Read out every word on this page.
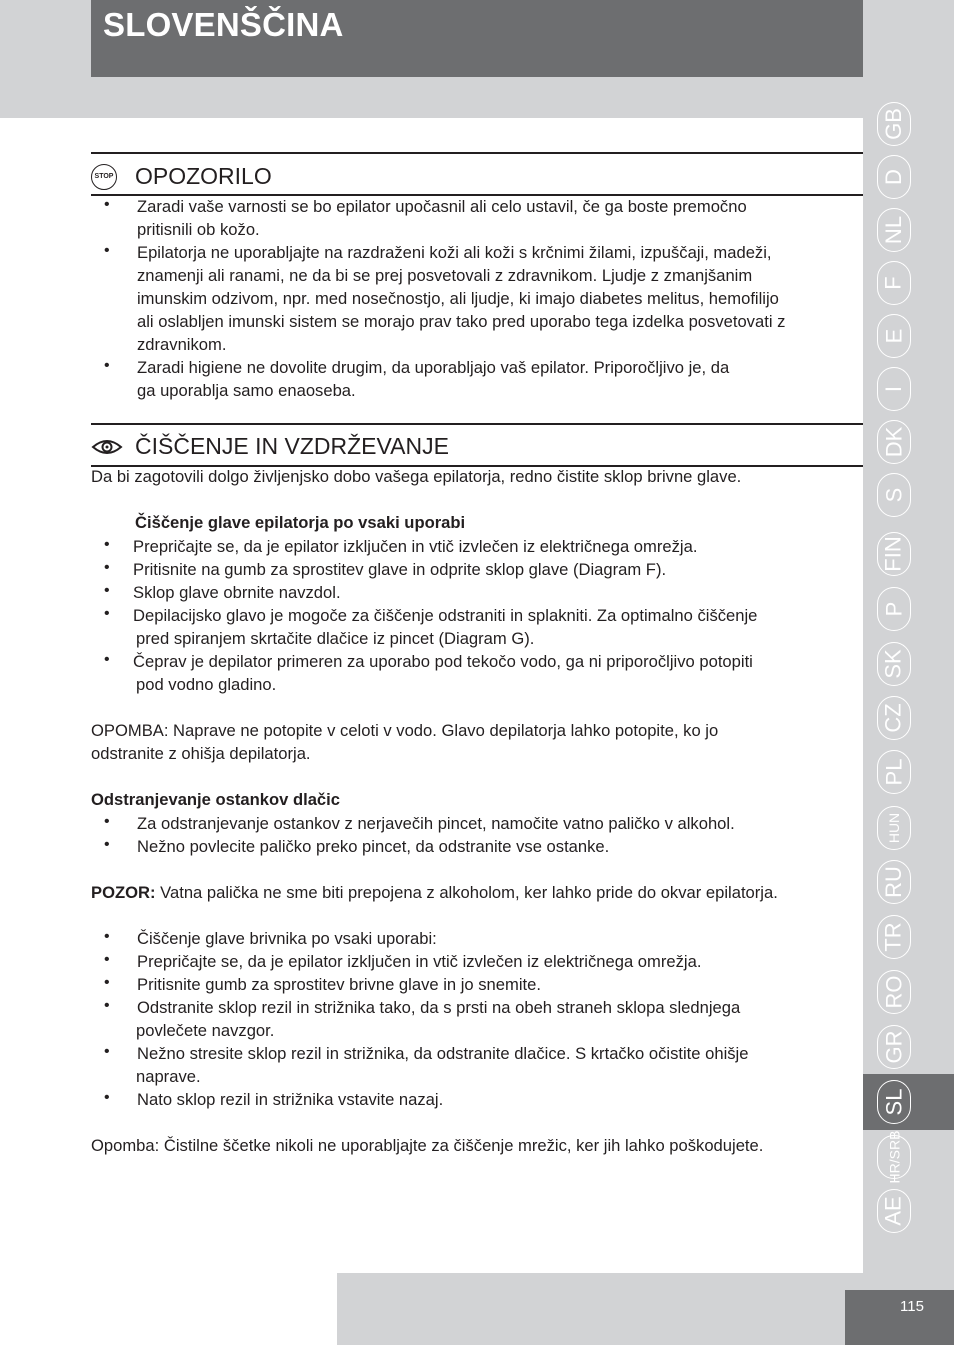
SLOVENŠČINA
115
GB
D
NL
F
E
I
DK
S
FIN
P
SK
CZ
PL
HUN
RU
TR
RO
GR
SL
HR/SRB
AE
STOP OPOZORILO
• Zaradi vaše varnosti se bo epilator upočasnil ali celo ustavil, če ga boste premočno
pritisnili ob kožo.
• Epilatorja ne uporabljajte na razdraženi koži ali koži s krčnimi žilami, izpuščaji, madeži,
znamenji ali ranami, ne da bi se prej posvetovali z zdravnikom. Ljudje z zmanjšanim
imunskim odzivom, npr. med nosečnostjo, ali ljudje, ki imajo diabetes melitus, hemofilijo
ali oslabljen imunski sistem se morajo prav tako pred uporabo tega izdelka posvetovati z
zdravnikom.
• Zaradi higiene ne dovolite drugim, da uporabljajo vaš epilator. Priporočljivo je, da
ga uporablja samo enaoseba.
ČIŠČENJE IN VZDRŽEVANJE
Da bi zagotovili dolgo življenjsko dobo vašega epilatorja, redno čistite sklop brivne glave.
Čiščenje glave epilatorja po vsaki uporabi
• Prepričajte se, da je epilator izključen in vtič izvlečen iz električnega omrežja.
• Pritisnite na gumb za sprostitev glave in odprite sklop glave (Diagram F).
• Sklop glave obrnite navzdol.
• Depilacijsko glavo je mogoče za čiščenje odstraniti in splakniti. Za optimalno čiščenje
pred spiranjem skrtačite dlačice iz pincet (Diagram G).
• Čeprav je depilator primeren za uporabo pod tekočo vodo, ga ni priporočljivo potopiti
pod vodno gladino.
OPOMBA: Naprave ne potopite v celoti v vodo. Glavo depilatorja lahko potopite, ko jo
odstranite z ohišja depilatorja.
Odstranjevanje ostankov dlačic
• Za odstranjevanje ostankov z nerjavečih pincet, namočite vatno paličko v alkohol.
• Nežno povlecite paličko preko pincet, da odstranite vse ostanke.
POZOR: Vatna palička ne sme biti prepojena z alkoholom, ker lahko pride do okvar epilatorja.
• Čiščenje glave brivnika po vsaki uporabi:
• Prepričajte se, da je epilator izključen in vtič izvlečen iz električnega omrežja.
• Pritisnite gumb za sprostitev brivne glave in jo snemite.
• Odstranite sklop rezil in strižnika tako, da s prsti na obeh straneh sklopa slednjega
povlečete navzgor.
• Nežno stresite sklop rezil in strižnika, da odstranite dlačice. S krtačko očistite ohišje
naprave.
• Nato sklop rezil in strižnika vstavite nazaj.
Opomba: Čistilne ščetke nikoli ne uporabljajte za čiščenje mrežic, ker jih lahko poškodujete.
